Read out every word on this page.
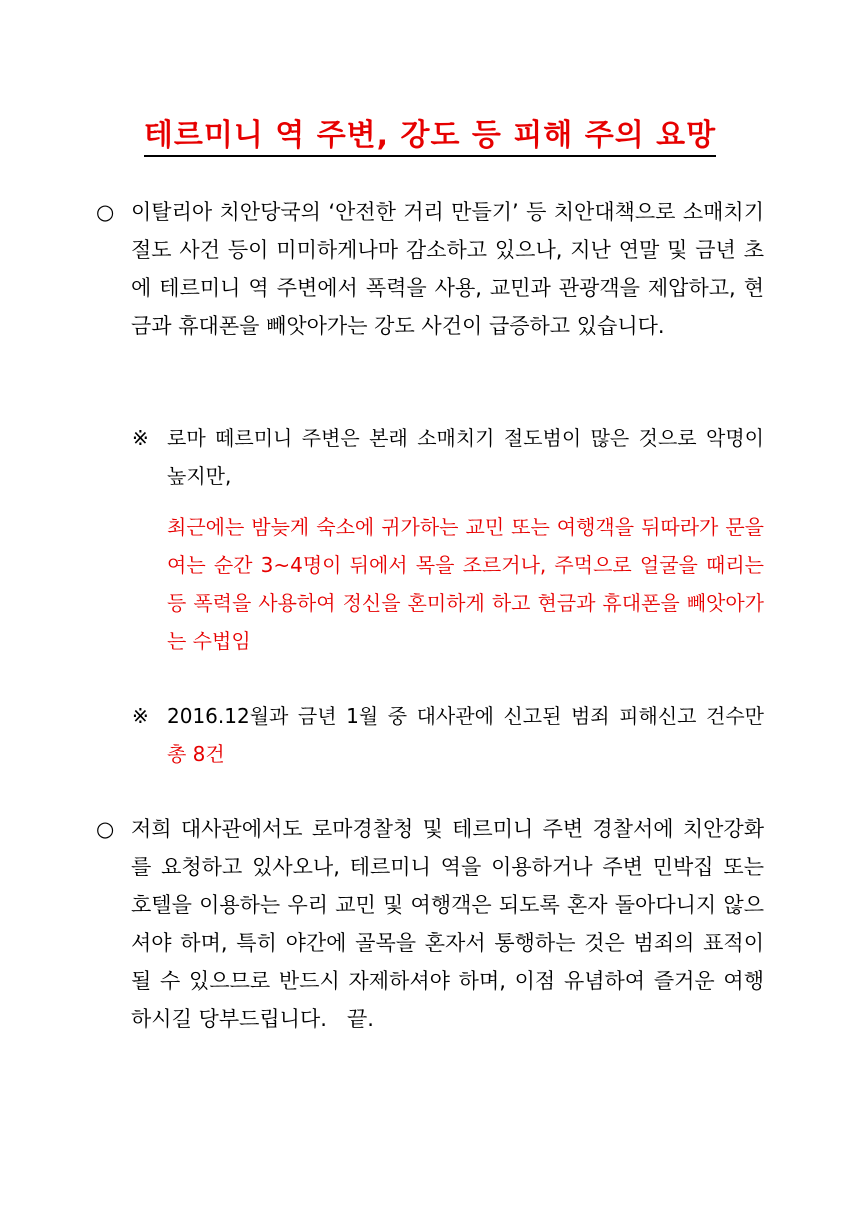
테르미니 역 주변, 강도 등 피해 주의 요망
○ 이탈리아 치안당국의 ‘안전한 거리 만들기’ 등 치안대책으로 소매치기 절도 사건 등이 미미하게나마 감소하고 있으나, 지난 연말 및 금년 초에 테르미니 역 주변에서 폭력을 사용, 교민과 관광객을 제압하고, 현금과 휴대폰을 빼앗아가는 강도 사건이 급증하고 있습니다.
※ 로마 떼르미니 주변은 본래 소매치기 절도범이 많은 것으로 악명이 높지만,
최근에는 밤늦게 숙소에 귀가하는 교민 또는 여행객을 뒤따라가 문을 여는 순간 3~4명이 뒤에서 목을 조르거나, 주먹으로 얼굴을 때리는 등 폭력을 사용하여 정신을 혼미하게 하고 현금과 휴대폰을 빼앗아가는 수법임
※ 2016.12월과 금년 1월 중 대사관에 신고된 범죄 피해신고 건수만 총 8건
○ 저희 대사관에서도 로마경찰청 및 테르미니 주변 경찰서에 치안강화를 요청하고 있사오나, 테르미니 역을 이용하거나 주변 민박집 또는 호텔을 이용하는 우리 교민 및 여행객은 되도록 혼자 돌아다니지 않으셔야 하며, 특히 야간에 골목을 혼자서 통행하는 것은 범죄의 표적이 될 수 있으므로 반드시 자제하셔야 하며, 이점 유념하여 즐거운 여행하시길 당부드립니다. 끝.
